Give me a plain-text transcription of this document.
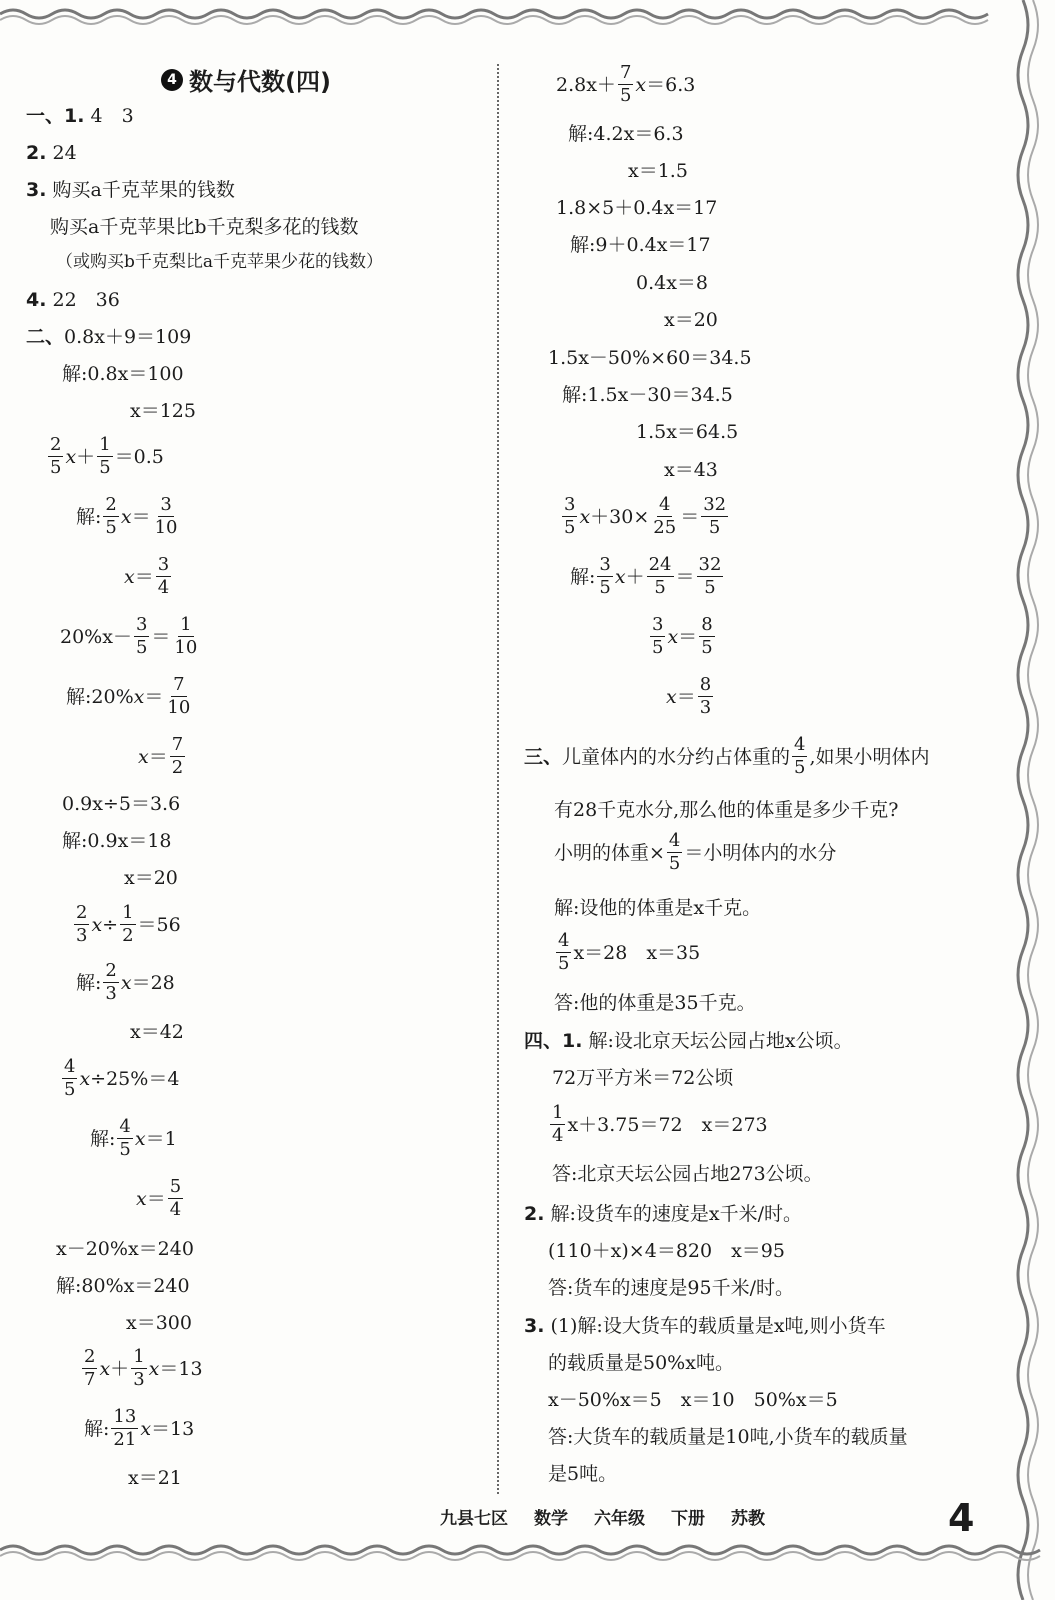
4 数与代数(四)
一、1.
4　3
2.
24
3.
购买a千克苹果的钱数
购买a千克苹果比b千克梨多花的钱数
（或购买b千克梨比a千克苹果少花的钱数）
4.
22　36
二、 0.8x＋9＝109
解:0.8x＝100
x＝125
2
5 x ＋
1
5 ＝0.5
解:
2
5 x ＝
3
10
x ＝
3
4
20%x－
3
5 ＝
1
10
解:20% x ＝
7
10
x ＝
7
2
0.9x÷5＝3.6
解:0.9x＝18
x＝20
2
3 x ÷
1
2 ＝56
解:
2
3 x ＝28
x＝42
4
5 x ÷25%＝4
解:
4
5 x ＝1
x ＝
5
4
x－20%x＝240
解:80%x＝240
x＝300
2
7 x ＋
1
3 x ＝13
解:
13
21 x ＝13
x＝21
2.8x＋
7
5 x ＝6.3
解:4.2x＝6.3
x＝1.5
1.8×5＋0.4x＝17
解:9＋0.4x＝17
0.4x＝8
x＝20
1.5x－50%×60＝34.5
解:1.5x－30＝34.5
1.5x＝64.5
x＝43
3
5 x ＋30×
4
25 ＝
32
5
解:
3
5 x ＋
24
5 ＝
32
5
3
5 x ＝
8
5
x ＝
8
3
三、 儿童体内的水分约占体重的
4
5 ,如果小明体内
有28千克水分,那么他的体重是多少千克?
小明的体重× $\frac{4}{5}$ ＝小明体内的水分
解:设他的体重是x千克。
4
5 x＝28　x＝35
答:他的体重是35千克。
四、1.
解:设北京天坛公园占地x公顷。
72万平方米＝72公顷
1
4 x＋3.75＝72　x＝273
答:北京天坛公园占地273公顷。
2.
解:设货车的速度是x千米/时。
(110＋x)×4＝820　x＝95
答:货车的速度是95千米/时。
3.
(1)解:设大货车的载质量是x吨,则小货车
的载质量是50%x吨。
x－50%x＝5　x＝10　50%x＝5
答:大货车的载质量是10吨,小货车的载质量
是5吨。
九县七区 数学 六年级 下册 苏教	4
